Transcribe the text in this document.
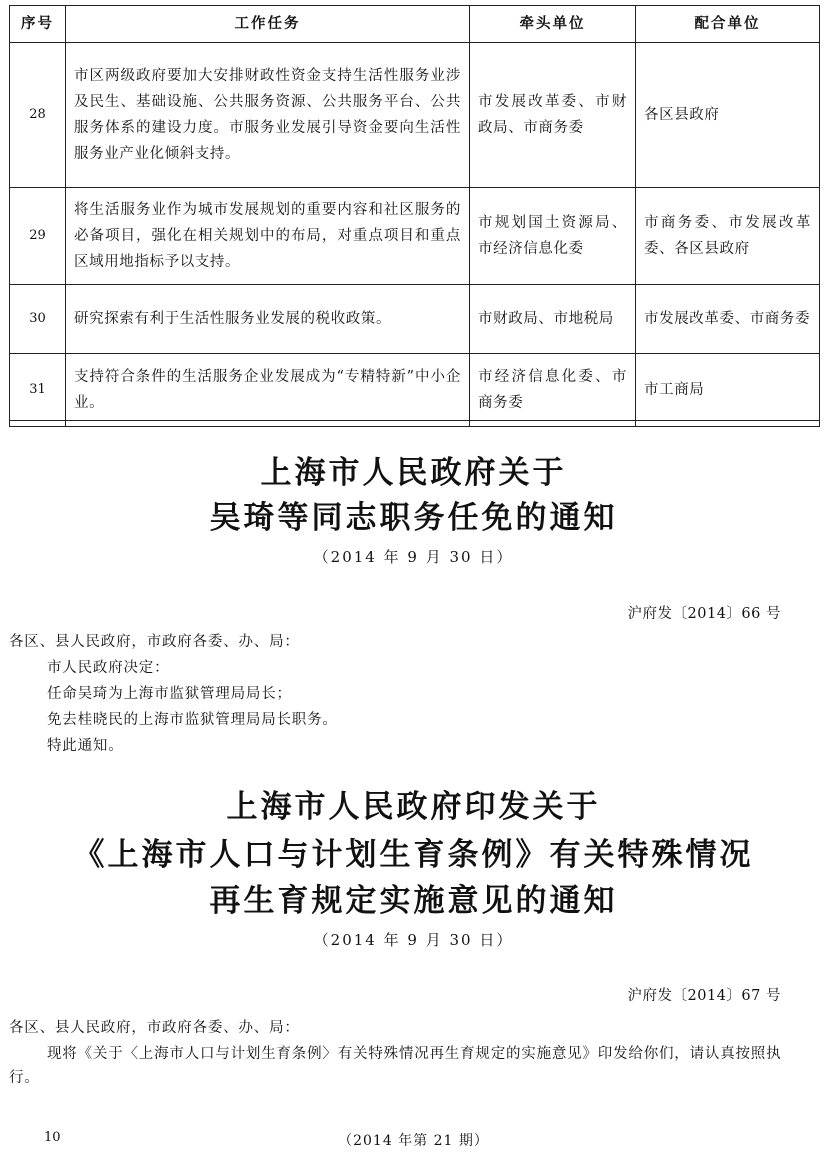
序号	工作任务	牵头单位	配合单位
28	市区两级政府要加大安排财政性资金支持生活性服务业涉及民生、基础设施、公共服务资源、公共服务平台、公共服务体系的建设力度。市服务业发展引导资金要向生活性服务业产业化倾斜支持。	市发展改革委、市财政局、市商务委	各区县政府
29	将生活服务业作为城市发展规划的重要内容和社区服务的必备项目，强化在相关规划中的布局，对重点项目和重点区域用地指标予以支持。	市规划国土资源局、市经济信息化委	市商务委、市发展改革委、各区县政府
30	研究探索有利于生活性服务业发展的税收政策。	市财政局、市地税局	市发展改革委、市商务委
31	支持符合条件的生活服务企业发展成为“专精特新”中小企业。	市经济信息化委、市商务委	市工商局
上海市人民政府关于
吴琦等同志职务任免的通知
（2014 年 9 月 30 日）
沪府发〔2014〕66 号

各区、县人民政府，市政府各委、办、局：

市人民政府决定：

任命吴琦为上海市监狱管理局局长；

免去桂晓民的上海市监狱管理局局长职务。

特此通知。

上海市人民政府印发关于
《上海市人口与计划生育条例》有关特殊情况
再生育规定实施意见的通知
（2014 年 9 月 30 日）
沪府发〔2014〕67 号

各区、县人民政府，市政府各委、办、局：

现将《关于〈上海市人口与计划生育条例〉有关特殊情况再生育规定的实施意见》印发给你们，请认真按照执行。

10	（2014 年第 21 期）
